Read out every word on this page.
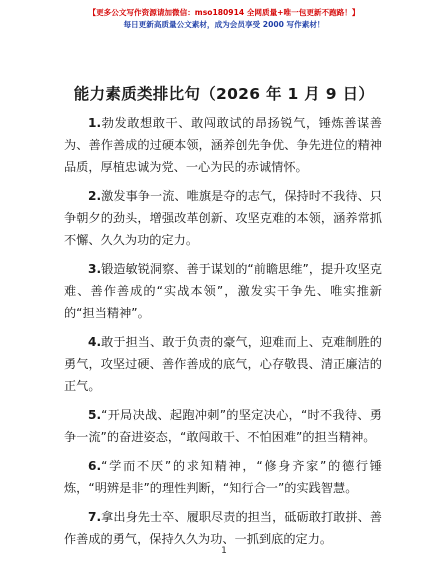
【更多公文写作资源请加微信：mso180914 全网质量+唯一包更新不跑路！】
每日更新高质量公文素材，成为会员享受 2000 写作素材！
能力素质类排比句（2026 年 1 月 9 日）

1.勃发敢想敢干、敢闯敢试的昂扬锐气，锤炼善谋善为、善作善成的过硬本领，涵养创先争优、争先进位的精神品质，厚植忠诚为党、一心为民的赤诚情怀。

2.激发事争一流、唯旗是夺的志气，保持时不我待、只争朝夕的劲头，增强改革创新、攻坚克难的本领，涵养常抓不懈、久久为功的定力。

3.锻造敏锐洞察、善于谋划的“前瞻思维”，提升攻坚克难、善作善成的“实战本领”，激发实干争先、唯实推新的“担当精神”。

4.敢于担当、敢于负责的豪气，迎难而上、克难制胜的勇气，攻坚过硬、善作善成的底气，心存敬畏、清正廉洁的正气。

5.“开局决战、起跑冲刺”的坚定决心，“时不我待、勇争一流”的奋进姿态，“敢闯敢干、不怕困难”的担当精神。

6.“学而不厌”的求知精神，“修身齐家”的德行锤炼，“明辨是非”的理性判断，“知行合一”的实践智慧。

7.拿出身先士卒、履职尽责的担当，砥砺敢打敢拼、善作善成的勇气，保持久久为功、一抓到底的定力。

1
